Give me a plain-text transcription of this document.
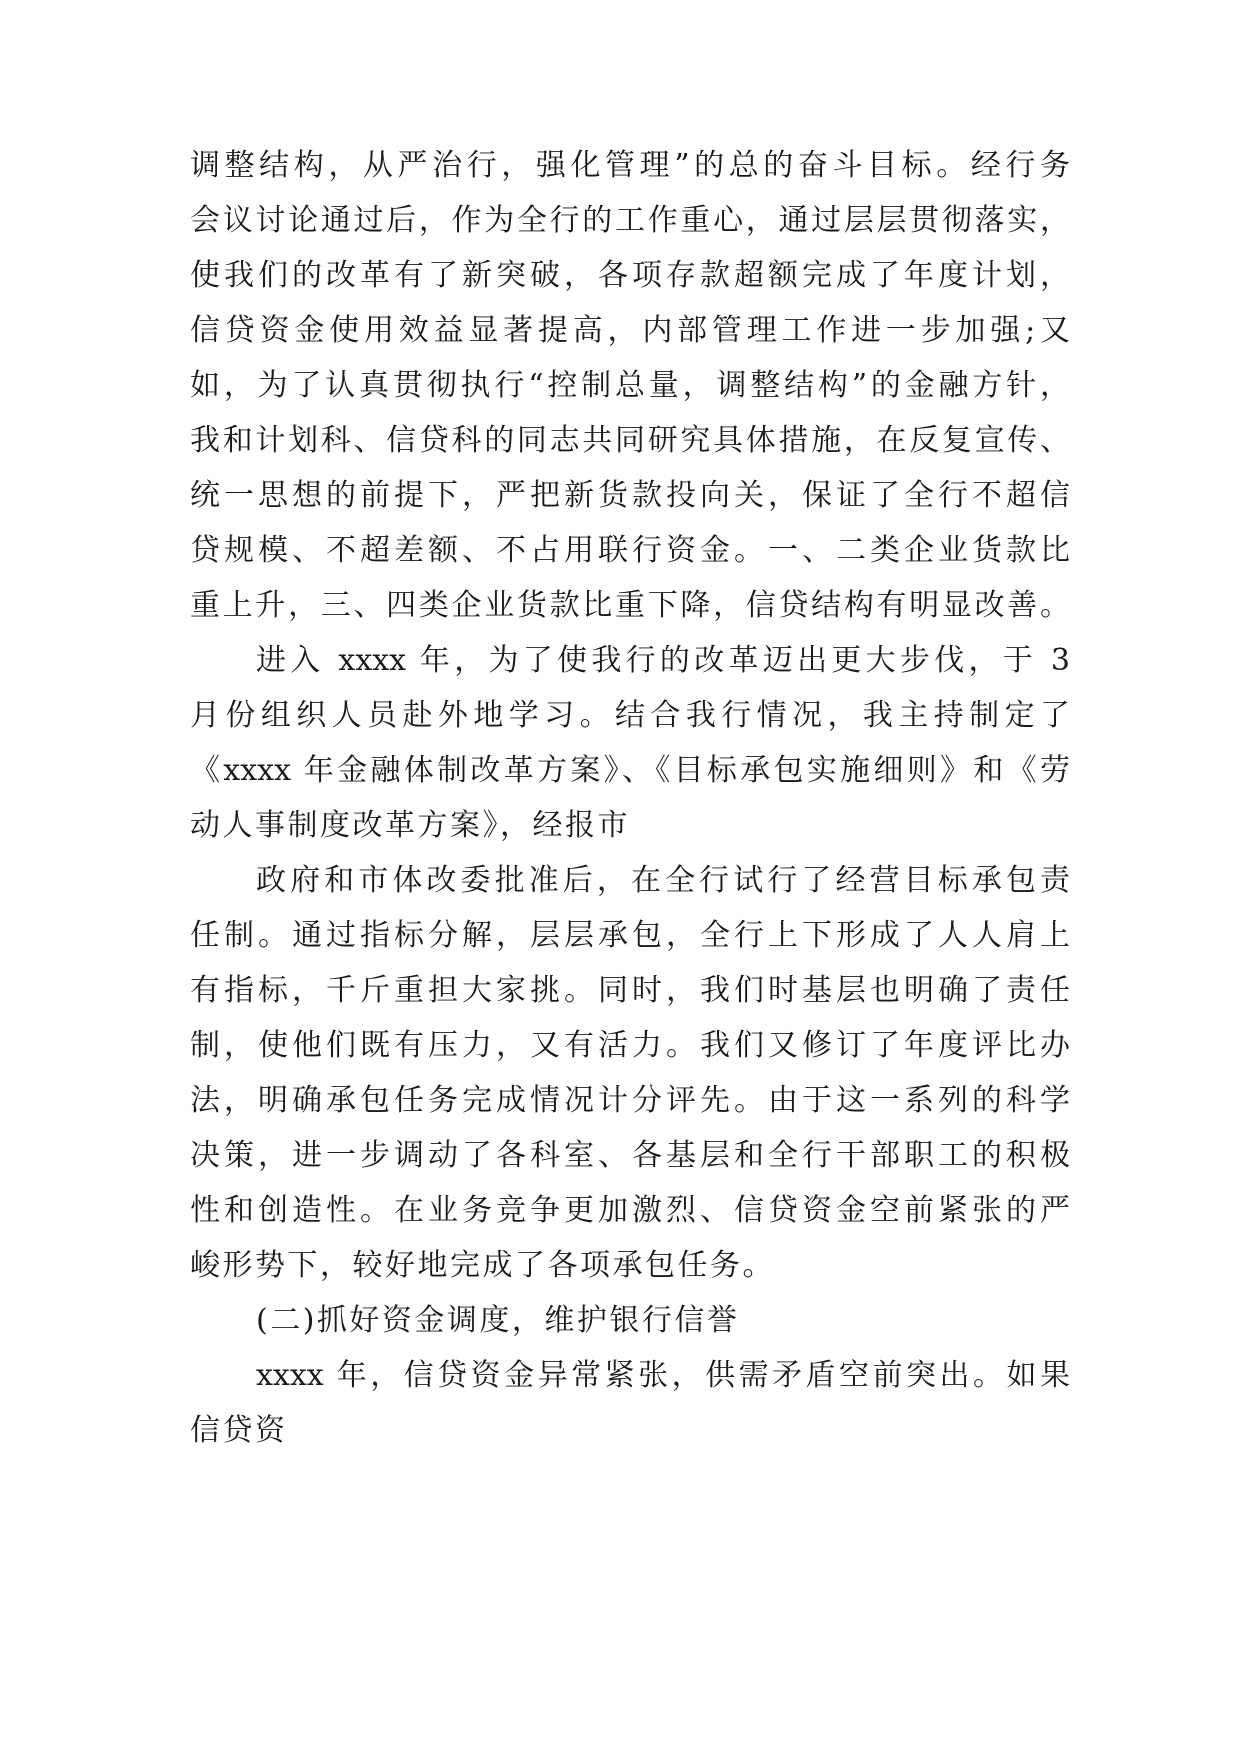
调整结构，从严治行，强化管理”的总的奋斗目标。经行务
会议讨论通过后，作为全行的工作重心，通过层层贯彻落实，
使我们的改革有了新突破，各项存款超额完成了年度计划，
信贷资金使用效益显著提高，内部管理工作进一步加强;又
如，为了认真贯彻执行“控制总量，调整结构”的金融方针，
我和计划科、信贷科的同志共同研究具体措施，在反复宣传、
统一思想的前提下，严把新货款投向关，保证了全行不超信
贷规模、不超差额、不占用联行资金。一、二类企业货款比
重上升，三、四类企业货款比重下降，信贷结构有明显改善。
进入 xxxx 年，为了使我行的改革迈出更大步伐，于 3
月份组织人员赴外地学习。结合我行情况，我主持制定了
《xxxx 年金融体制改革方案》、《目标承包实施细则》和《劳
动人事制度改革方案》，经报市
政府和市体改委批准后，在全行试行了经营目标承包责
任制。通过指标分解，层层承包，全行上下形成了人人肩上
有指标，千斤重担大家挑。同时，我们时基层也明确了责任
制，使他们既有压力，又有活力。我们又修订了年度评比办
法，明确承包任务完成情况计分评先。由于这一系列的科学
决策，进一步调动了各科室、各基层和全行干部职工的积极
性和创造性。在业务竞争更加激烈、信贷资金空前紧张的严
峻形势下，较好地完成了各项承包任务。
(二)抓好资金调度，维护银行信誉
xxxx 年，信贷资金异常紧张，供需矛盾空前突出。如果
信贷资
